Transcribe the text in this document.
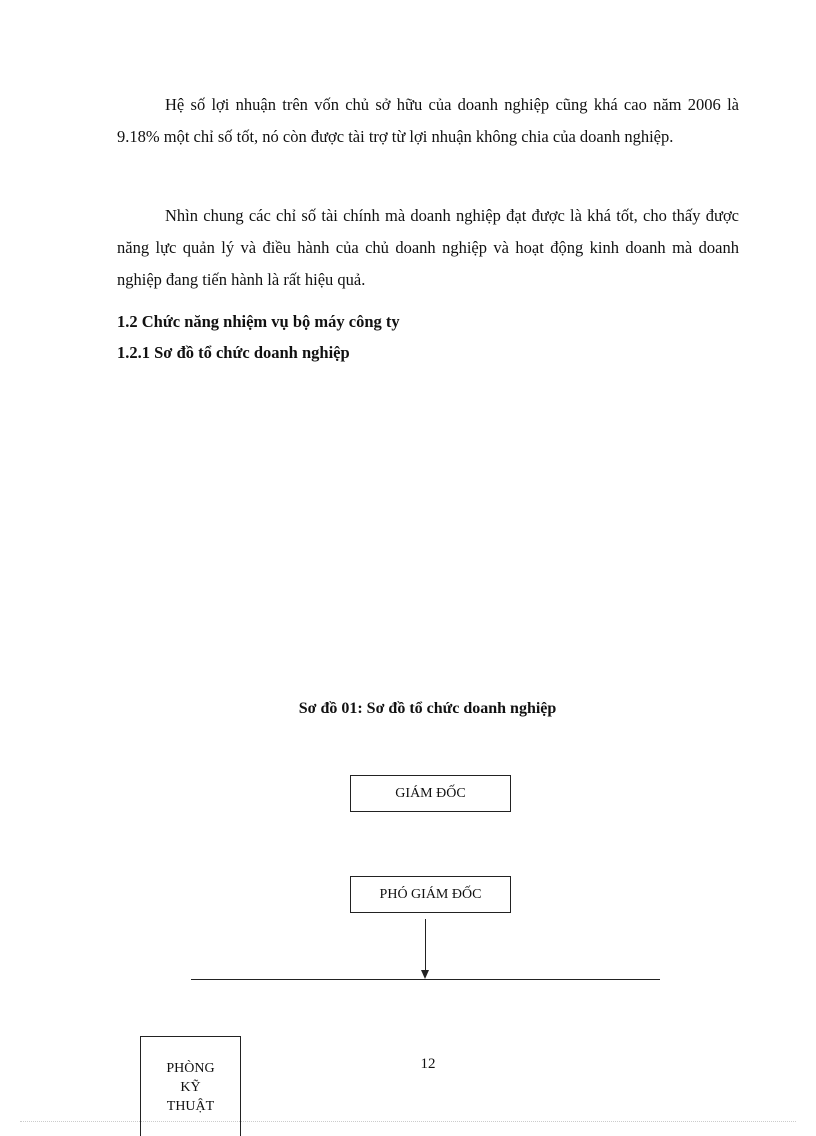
Hệ số lợi nhuận trên vốn chủ sở hữu của doanh nghiệp cũng khá cao năm 2006 là 9.18% một chỉ số tốt, nó còn được tài trợ từ lợi nhuận không chia của doanh nghiệp.

Nhìn chung các chỉ số tài chính mà doanh nghiệp đạt được là khá tốt, cho thấy được năng lực quản lý và điều hành của chủ doanh nghiệp và hoạt động kinh doanh mà doanh nghiệp đang tiến hành là rất hiệu quả.

1.2 Chức năng nhiệm vụ bộ máy công ty
1.2.1 Sơ đồ tổ chức doanh nghiệp

Sơ đồ 01: Sơ đồ tổ chức doanh nghiệp

GIÁM ĐỐC
PHÓ GIÁM ĐỐC
PHÒNG
KỸ
THUẬT

12
